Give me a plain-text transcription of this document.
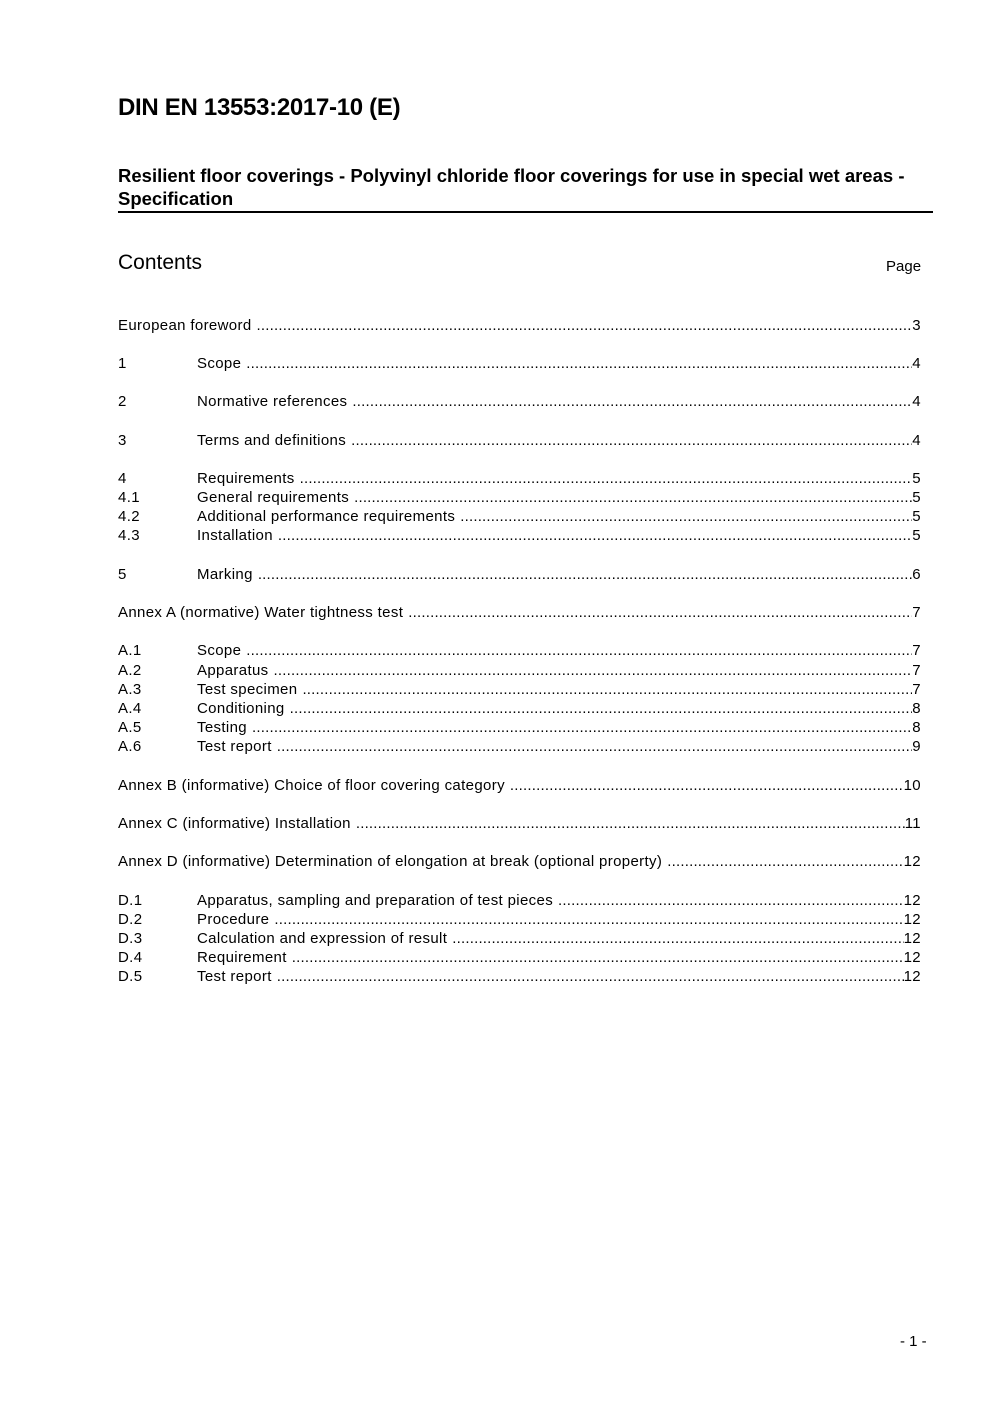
DIN EN 13553:2017-10 (E)
Resilient floor coverings - Polyvinyl chloride floor coverings for use in special wet areas - Specification
Contents	Page
European foreword .....	3
1	Scope .....	4
2	Normative references .....	4
3	Terms and definitions .....	4
4	Requirements .....	5
4.1	General requirements .....	5
4.2	Additional performance requirements .....	5
4.3	Installation .....	5
5	Marking .....	6
Annex A (normative) Water tightness test .....	7
A.1	Scope .....	7
A.2	Apparatus .....	7
A.3	Test specimen .....	7
A.4	Conditioning .....	8
A.5	Testing .....	8
A.6	Test report .....	9
Annex B (informative) Choice of floor covering category .....	10
Annex C (informative) Installation .....	11
Annex D (informative) Determination of elongation at break (optional property) .....	12
D.1	Apparatus, sampling and preparation of test pieces .....	12
D.2	Procedure .....	12
D.3	Calculation and expression of result .....	12
D.4	Requirement .....	12
D.5	Test report .....	12
- 1 -
